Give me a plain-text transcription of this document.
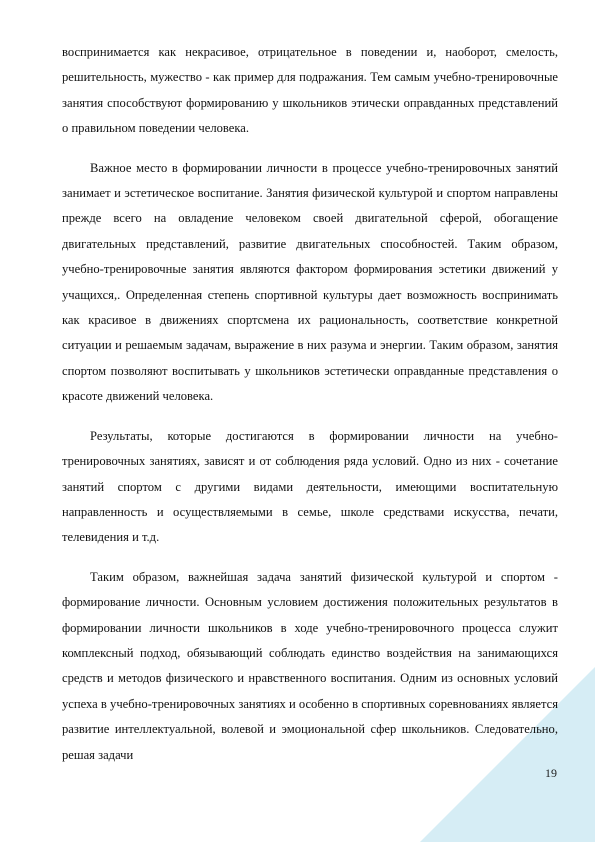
воспринимается как некрасивое, отрицательное в поведении и, наоборот, смелость, решительность, мужество - как пример для подражания. Тем самым учебно-тренировочные занятия способствуют формированию у школьников этически оправданных представлений о правильном поведении человека.

Важное место в формировании личности в процессе учебно-тренировочных занятий занимает и эстетическое воспитание. Занятия физической культурой и спортом направлены прежде всего на овладение человеком своей двигательной сферой, обогащение двигательных представлений, развитие двигательных способностей. Таким образом, учебно-тренировочные занятия являются фактором формирования эстетики движений у учащихся,. Определенная степень спортивной культуры дает возможность воспринимать как красивое в движениях спортсмена их рациональность, соответствие конкретной ситуации и решаемым задачам, выражение в них разума и энергии. Таким образом, занятия спортом позволяют воспитывать у школьников эстетически оправданные представления о красоте движений человека.

Результаты, которые достигаются в формировании личности на учебно-тренировочных занятиях, зависят и от соблюдения ряда условий. Одно из них - сочетание занятий спортом с другими видами деятельности, имеющими воспитательную направленность и осуществляемыми в семье, школе средствами искусства, печати, телевидения и т.д.

Таким образом, важнейшая задача занятий физической культурой и спортом - формирование личности. Основным условием достижения положительных результатов в формировании личности школьников в ходе учебно-тренировочного процесса служит комплексный подход, обязывающий соблюдать единство воздействия на занимающихся средств и методов физического и нравственного воспитания. Одним из основных условий успеха в учебно-тренировочных занятиях и особенно в спортивных соревнованиях является развитие интеллектуальной, волевой и эмоциональной сфер школьников. Следовательно, решая задачи

19
